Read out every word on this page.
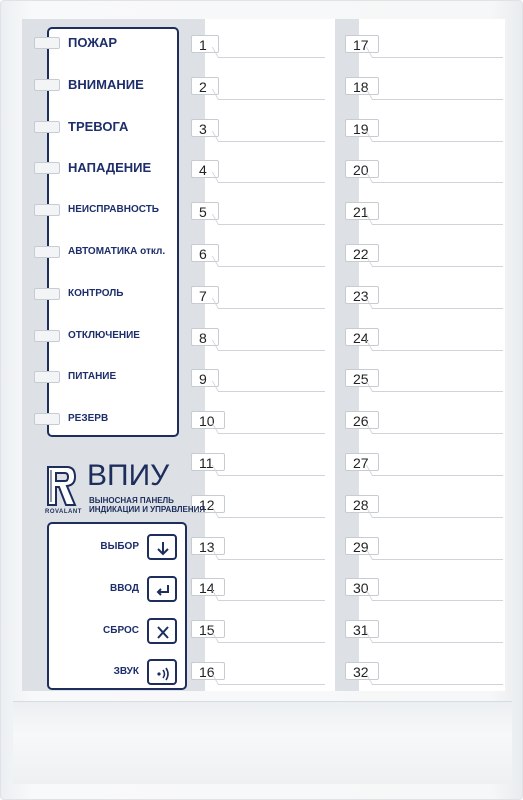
1
2
3
4
5
6
7
8
9
10
11
12
13
14
15
16
17
18
19
20
21
22
23
24
25
26
27
28
29
30
31
32
ПОЖАР
ВНИМАНИЕ
ТРЕВОГА
НАПАДЕНИЕ
НЕИСПРАВНОСТЬ
АВТОМАТИКА откл.
КОНТРОЛЬ
ОТКЛЮЧЕНИЕ
ПИТАНИЕ
РЕЗЕРВ
ВПИУ
ВЫНОСНАЯ ПАНЕЛЬ
ИНДИКАЦИИ И УПРАВЛЕНИЯ
ROVALANT
ВЫБОР
ВВОД
СБРОС
ЗВУК
